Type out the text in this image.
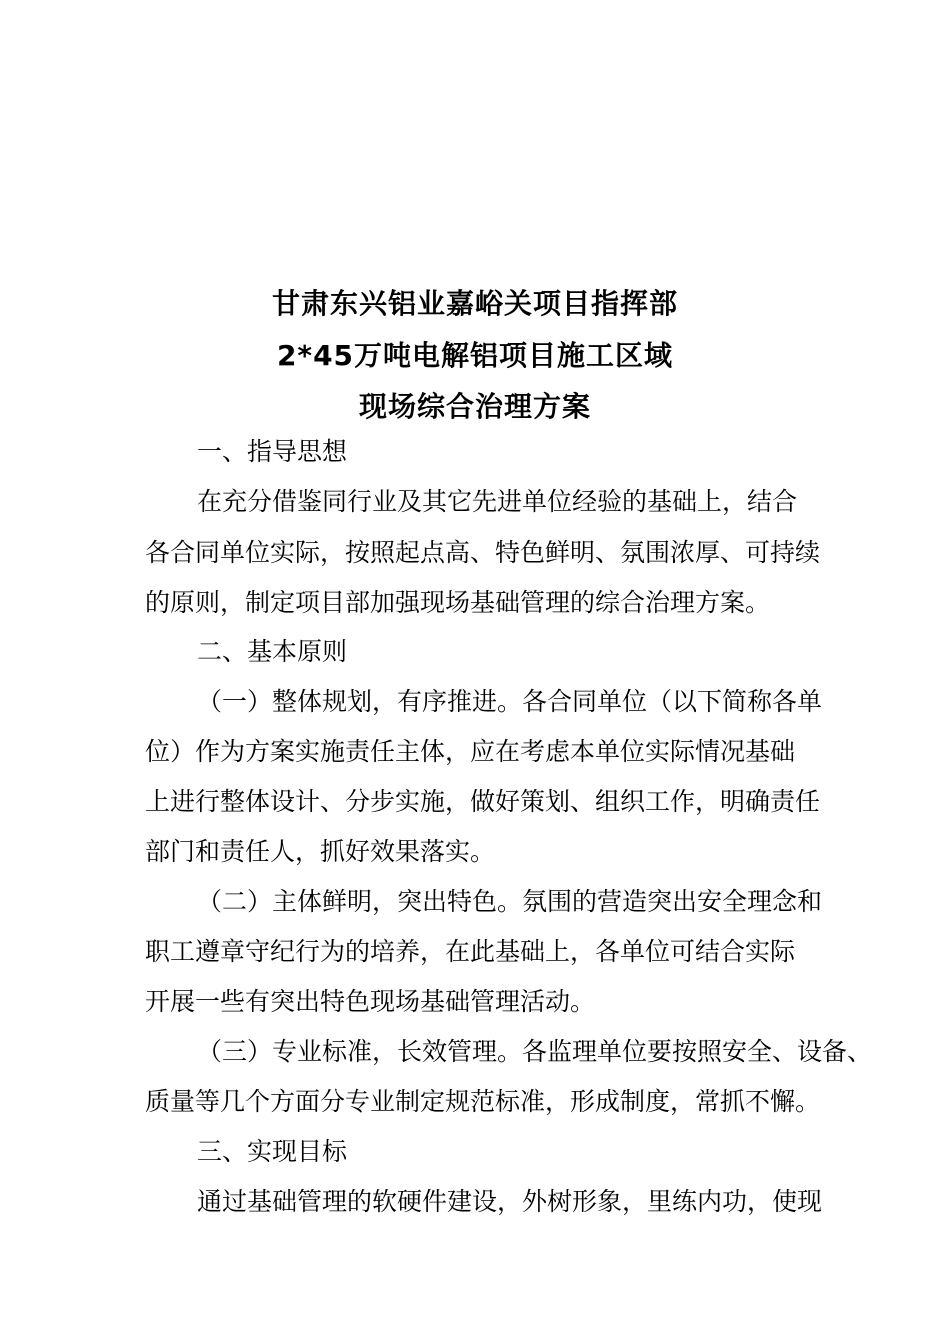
甘肃东兴铝业嘉峪关项目指挥部
2*45万吨电解铝项目施工区域
现场综合治理方案
一、指导思想
在充分借鉴同行业及其它先进单位经验的基础上，结合
各合同单位实际，按照起点高、特色鲜明、氛围浓厚、可持续
的原则，制定项目部加强现场基础管理的综合治理方案。
二、基本原则
（一）整体规划，有序推进。各合同单位（以下简称各单
位）作为方案实施责任主体，应在考虑本单位实际情况基础
上进行整体设计、分步实施，做好策划、组织工作，明确责任
部门和责任人，抓好效果落实。
（二）主体鲜明，突出特色。氛围的营造突出安全理念和
职工遵章守纪行为的培养，在此基础上，各单位可结合实际
开展一些有突出特色现场基础管理活动。
（三）专业标准，长效管理。各监理单位要按照安全、设备、
质量等几个方面分专业制定规范标准，形成制度，常抓不懈。
三、实现目标
通过基础管理的软硬件建设，外树形象，里练内功，使现
